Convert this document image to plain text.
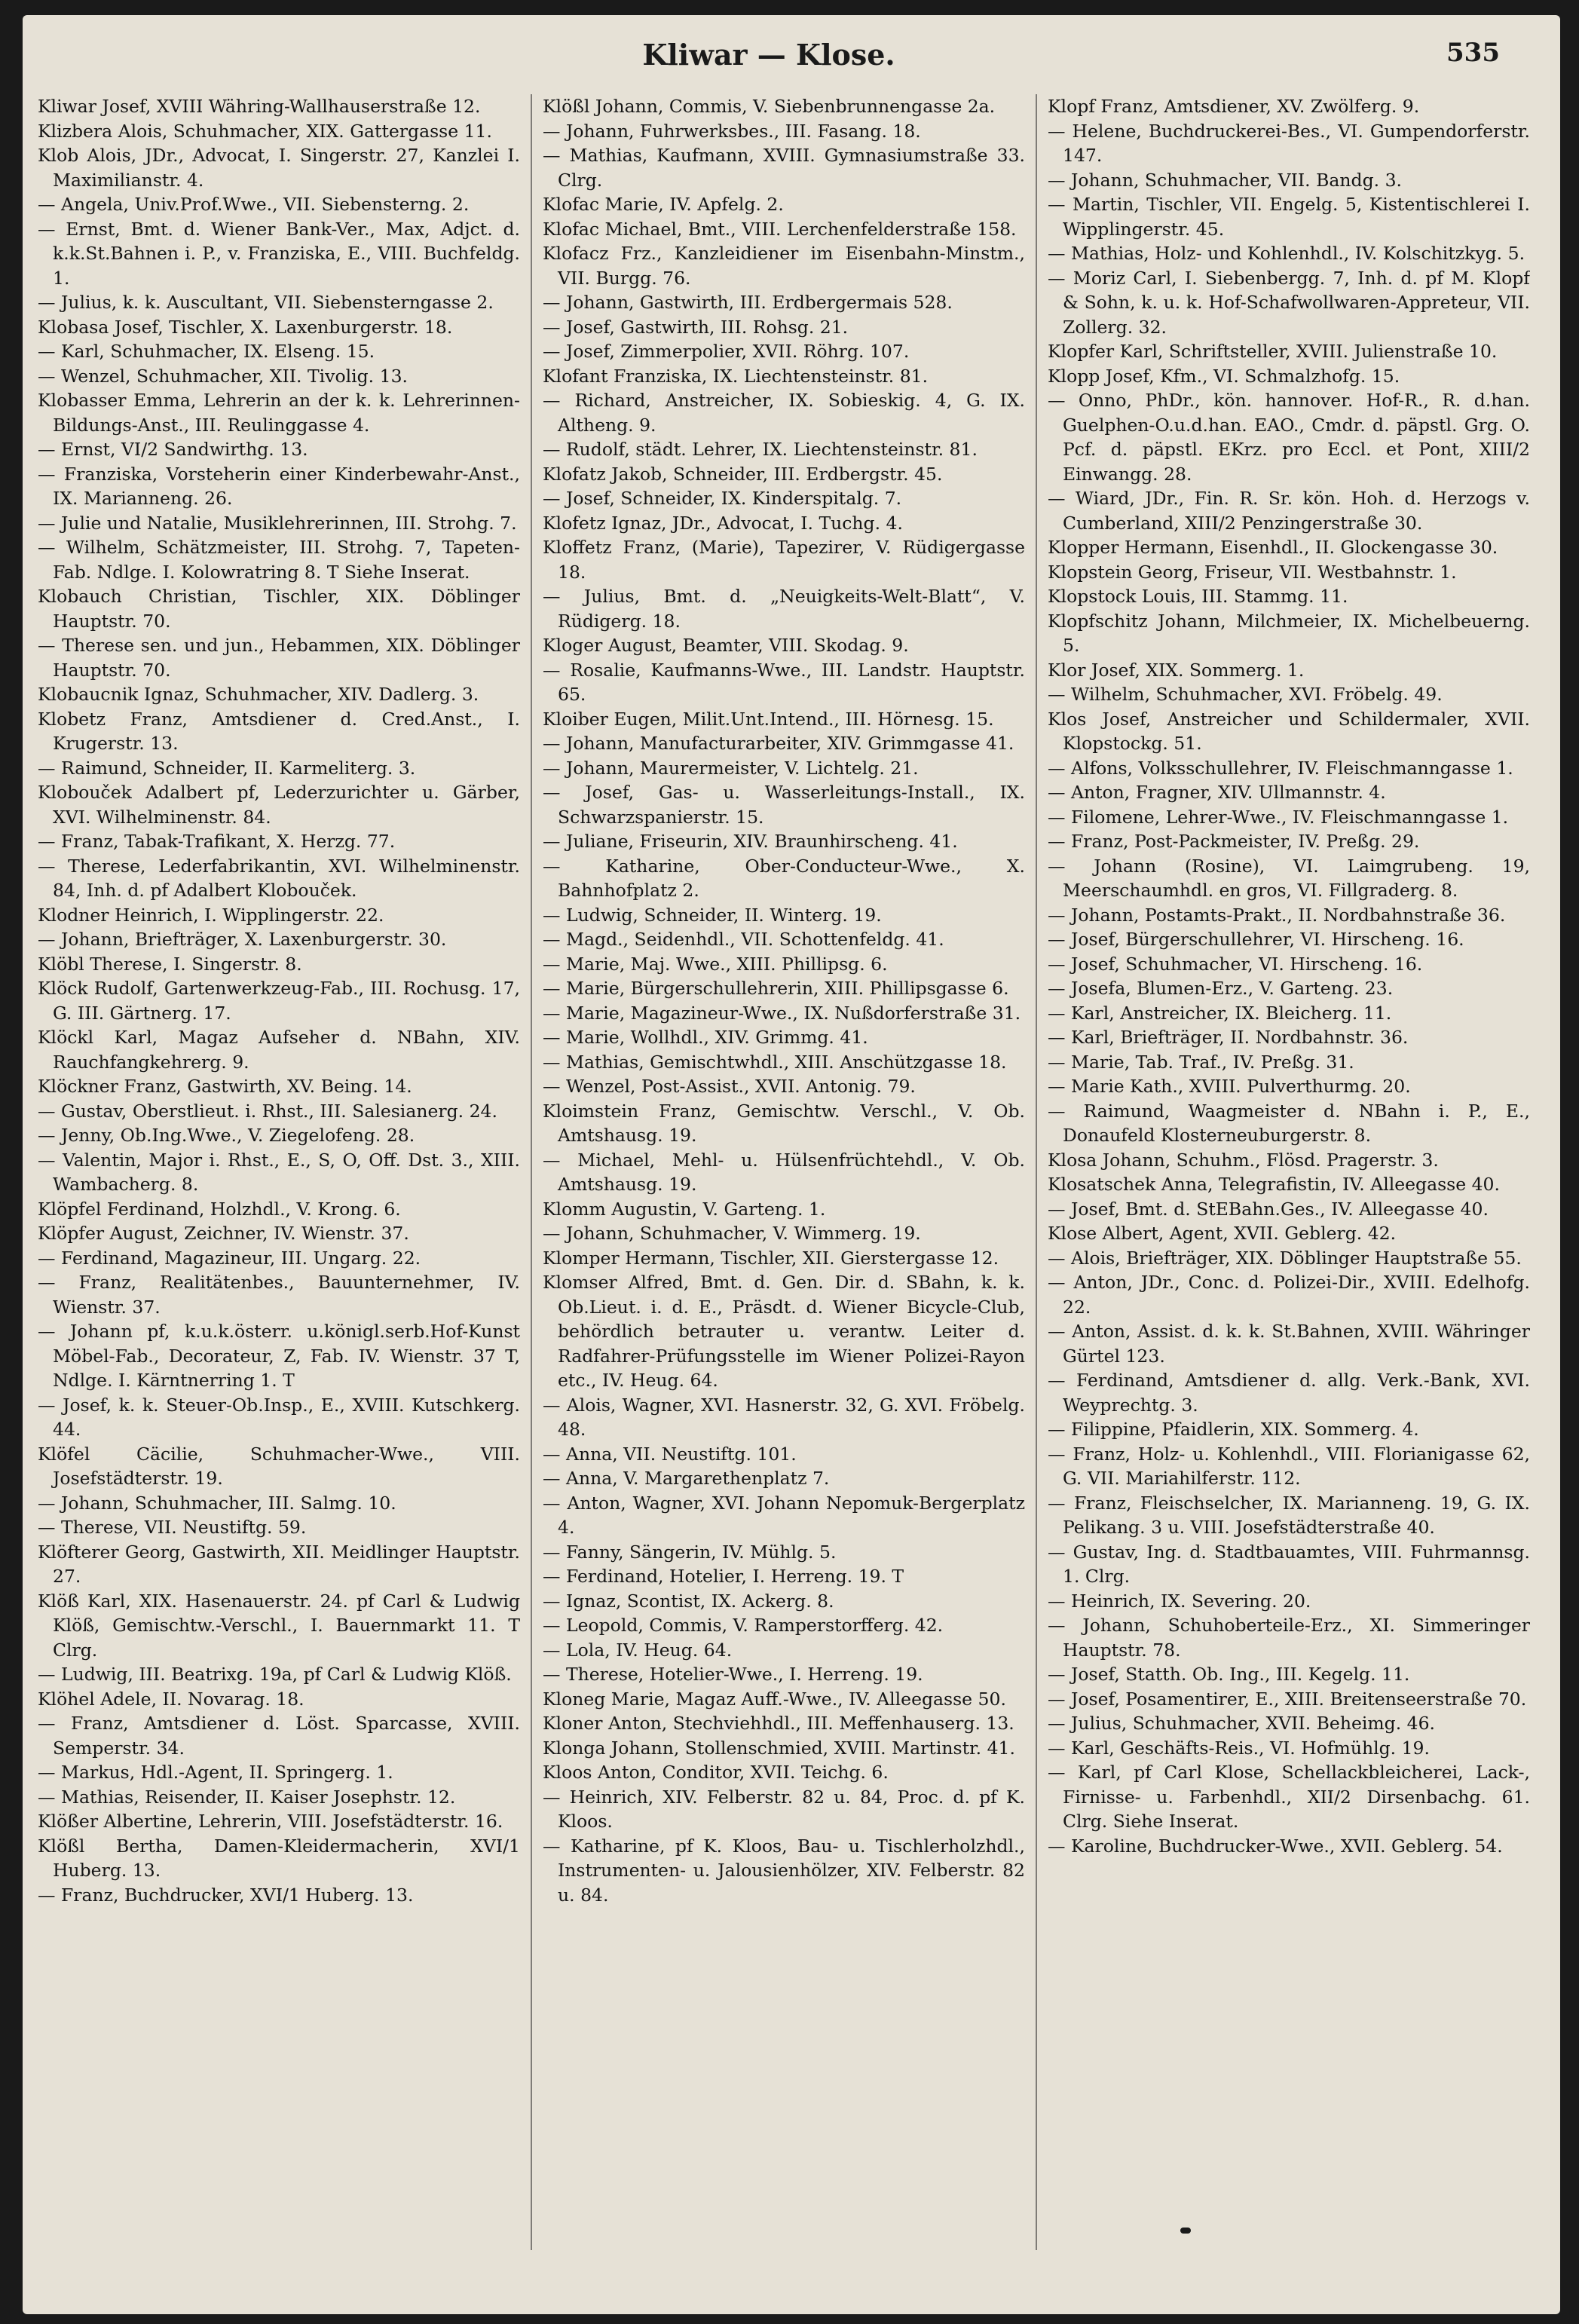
Kliwar — Klose.	535

Kliwar Josef, XVIII Währing-Wallhauserstraße 12.

Klizbera Alois, Schuhmacher, XIX. Gattergasse 11.

Klob Alois, JDr., Advocat, I. Singerstr. 27, Kanzlei I. Maximilianstr. 4.

— Angela, Univ.Prof.Wwe., VII. Siebensterng. 2.

— Ernst, Bmt. d. Wiener Bank-Ver., Max, Adjct. d. k.k.St.Bahnen i. P., v. Franziska, E., VIII. Buchfeldg. 1.

— Julius, k. k. Auscultant, VII. Siebensterngasse 2.

Klobasa Josef, Tischler, X. Laxenburgerstr. 18.

— Karl, Schuhmacher, IX. Elseng. 15.

— Wenzel, Schuhmacher, XII. Tivolig. 13.

Klobasser Emma, Lehrerin an der k. k. Lehrerinnen-Bildungs-Anst., III. Reulinggasse 4.

— Ernst, VI/2 Sandwirthg. 13.

— Franziska, Vorsteherin einer Kinderbewahr-Anst., IX. Marianneng. 26.

— Julie und Natalie, Musiklehrerinnen, III. Strohg. 7.

— Wilhelm, Schätzmeister, III. Strohg. 7, Tapeten-Fab. Ndlge. I. Kolowratring 8. T Siehe Inserat.

Klobauch Christian, Tischler, XIX. Döblinger Hauptstr. 70.

— Therese sen. und jun., Hebammen, XIX. Döblinger Hauptstr. 70.

Klobaucnik Ignaz, Schuhmacher, XIV. Dadlerg. 3.

Klobetz Franz, Amtsdiener d. Cred.Anst., I. Krugerstr. 13.

— Raimund, Schneider, II. Karmeliterg. 3.

Klobouček Adalbert pf, Lederzurichter u. Gärber, XVI. Wilhelminenstr. 84.

— Franz, Tabak-Trafikant, X. Herzg. 77.

— Therese, Lederfabrikantin, XVI. Wilhelminenstr. 84, Inh. d. pf Adalbert Klobouček.

Klodner Heinrich, I. Wipplingerstr. 22.

— Johann, Briefträger, X. Laxenburgerstr. 30.

Klöbl Therese, I. Singerstr. 8.

Klöck Rudolf, Gartenwerkzeug-Fab., III. Rochusg. 17, G. III. Gärtnerg. 17.

Klöckl Karl, Magaz Aufseher d. NBahn, XIV. Rauchfangkehrerg. 9.

Klöckner Franz, Gastwirth, XV. Being. 14.

— Gustav, Oberstlieut. i. Rhst., III. Salesianerg. 24.

— Jenny, Ob.Ing.Wwe., V. Ziegelofeng. 28.

— Valentin, Major i. Rhst., E., S, O, Off. Dst. 3., XIII. Wambacherg. 8.

Klöpfel Ferdinand, Holzhdl., V. Krong. 6.

Klöpfer August, Zeichner, IV. Wienstr. 37.

— Ferdinand, Magazineur, III. Ungarg. 22.

— Franz, Realitätenbes., Bauunternehmer, IV. Wienstr. 37.

— Johann pf, k.u.k.österr. u.königl.serb.Hof-Kunst Möbel-Fab., Decorateur, Z, Fab. IV. Wienstr. 37 T, Ndlge. I. Kärntnerring 1. T

— Josef, k. k. Steuer-Ob.Insp., E., XVIII. Kutschkerg. 44.

Klöfel Cäcilie, Schuhmacher-Wwe., VIII. Josefstädterstr. 19.

— Johann, Schuhmacher, III. Salmg. 10.

— Therese, VII. Neustiftg. 59.

Klöfterer Georg, Gastwirth, XII. Meidlinger Hauptstr. 27.

Klöß Karl, XIX. Hasenauerstr. 24. pf Carl & Ludwig Klöß, Gemischtw.-Verschl., I. Bauernmarkt 11. T Clrg.

— Ludwig, III. Beatrixg. 19a, pf Carl & Ludwig Klöß.

Klöhel Adele, II. Novarag. 18.

— Franz, Amtsdiener d. Löst. Sparcasse, XVIII. Semperstr. 34.

— Markus, Hdl.-Agent, II. Springerg. 1.

— Mathias, Reisender, II. Kaiser Josephstr. 12.

Klößer Albertine, Lehrerin, VIII. Josefstädterstr. 16.

Klößl Bertha, Damen-Kleidermacherin, XVI/1 Huberg. 13.

— Franz, Buchdrucker, XVI/1 Huberg. 13.

Klößl Johann, Commis, V. Siebenbrunnengasse 2a.

— Johann, Fuhrwerksbes., III. Fasang. 18.

— Mathias, Kaufmann, XVIII. Gymnasiumstraße 33. Clrg.

Klofac Marie, IV. Apfelg. 2.

Klofac Michael, Bmt., VIII. Lerchenfelderstraße 158.

Klofacz Frz., Kanzleidiener im Eisenbahn-Minstm., VII. Burgg. 76.

— Johann, Gastwirth, III. Erdbergermais 528.

— Josef, Gastwirth, III. Rohsg. 21.

— Josef, Zimmerpolier, XVII. Röhrg. 107.

Klofant Franziska, IX. Liechtensteinstr. 81.

— Richard, Anstreicher, IX. Sobieskig. 4, G. IX. Altheng. 9.

— Rudolf, städt. Lehrer, IX. Liechtensteinstr. 81.

Klofatz Jakob, Schneider, III. Erdbergstr. 45.

— Josef, Schneider, IX. Kinderspitalg. 7.

Klofetz Ignaz, JDr., Advocat, I. Tuchg. 4.

Kloffetz Franz, (Marie), Tapezirer, V. Rüdigergasse 18.

— Julius, Bmt. d. „Neuigkeits-Welt-Blatt“, V. Rüdigerg. 18.

Kloger August, Beamter, VIII. Skodag. 9.

— Rosalie, Kaufmanns-Wwe., III. Landstr. Hauptstr. 65.

Kloiber Eugen, Milit.Unt.Intend., III. Hörnesg. 15.

— Johann, Manufacturarbeiter, XIV. Grimmgasse 41.

— Johann, Maurermeister, V. Lichtelg. 21.

— Josef, Gas- u. Wasserleitungs-Install., IX. Schwarzspanierstr. 15.

— Juliane, Friseurin, XIV. Braunhirscheng. 41.

— Katharine, Ober-Conducteur-Wwe., X. Bahnhofplatz 2.

— Ludwig, Schneider, II. Winterg. 19.

— Magd., Seidenhdl., VII. Schottenfeldg. 41.

— Marie, Maj. Wwe., XIII. Phillipsg. 6.

— Marie, Bürgerschullehrerin, XIII. Phillipsgasse 6.

— Marie, Magazineur-Wwe., IX. Nußdorferstraße 31.

— Marie, Wollhdl., XIV. Grimmg. 41.

— Mathias, Gemischtwhdl., XIII. Anschützgasse 18.

— Wenzel, Post-Assist., XVII. Antonig. 79.

Kloimstein Franz, Gemischtw. Verschl., V. Ob. Amtshausg. 19.

— Michael, Mehl- u. Hülsenfrüchtehdl., V. Ob. Amtshausg. 19.

Klomm Augustin, V. Garteng. 1.

— Johann, Schuhmacher, V. Wimmerg. 19.

Klomper Hermann, Tischler, XII. Gierstergasse 12.

Klomser Alfred, Bmt. d. Gen. Dir. d. SBahn, k. k. Ob.Lieut. i. d. E., Präsdt. d. Wiener Bicycle-Club, behördlich betrauter u. verantw. Leiter d. Radfahrer-Prüfungsstelle im Wiener Polizei-Rayon etc., IV. Heug. 64.

— Alois, Wagner, XVI. Hasnerstr. 32, G. XVI. Fröbelg. 48.

— Anna, VII. Neustiftg. 101.

— Anna, V. Margarethenplatz 7.

— Anton, Wagner, XVI. Johann Nepomuk-Bergerplatz 4.

— Fanny, Sängerin, IV. Mühlg. 5.

— Ferdinand, Hotelier, I. Herreng. 19. T

— Ignaz, Scontist, IX. Ackerg. 8.

— Leopold, Commis, V. Ramperstorfferg. 42.

— Lola, IV. Heug. 64.

— Therese, Hotelier-Wwe., I. Herreng. 19.

Kloneg Marie, Magaz Auff.-Wwe., IV. Alleegasse 50.

Kloner Anton, Stechviehhdl., III. Meffenhauserg. 13.

Klonga Johann, Stollenschmied, XVIII. Martinstr. 41.

Kloos Anton, Conditor, XVII. Teichg. 6.

— Heinrich, XIV. Felberstr. 82 u. 84, Proc. d. pf K. Kloos.

— Katharine, pf K. Kloos, Bau- u. Tischlerholzhdl., Instrumenten- u. Jalousienhölzer, XIV. Felberstr. 82 u. 84.

Klopf Franz, Amtsdiener, XV. Zwölferg. 9.

— Helene, Buchdruckerei-Bes., VI. Gumpendorferstr. 147.

— Johann, Schuhmacher, VII. Bandg. 3.

— Martin, Tischler, VII. Engelg. 5, Kistentischlerei I. Wipplingerstr. 45.

— Mathias, Holz- und Kohlenhdl., IV. Kolschitzkyg. 5.

— Moriz Carl, I. Siebenbergg. 7, Inh. d. pf M. Klopf & Sohn, k. u. k. Hof-Schafwollwaren-Appreteur, VII. Zollerg. 32.

Klopfer Karl, Schriftsteller, XVIII. Julienstraße 10.

Klopp Josef, Kfm., VI. Schmalzhofg. 15.

— Onno, PhDr., kön. hannover. Hof-R., R. d.han. Guelphen-O.u.d.han. EAO., Cmdr. d. päpstl. Grg. O. Pcf. d. päpstl. EKrz. pro Eccl. et Pont, XIII/2 Einwangg. 28.

— Wiard, JDr., Fin. R. Sr. kön. Hoh. d. Herzogs v. Cumberland, XIII/2 Penzingerstraße 30.

Klopper Hermann, Eisenhdl., II. Glockengasse 30.

Klopstein Georg, Friseur, VII. Westbahnstr. 1.

Klopstock Louis, III. Stammg. 11.

Klopfschitz Johann, Milchmeier, IX. Michelbeuerng. 5.

Klor Josef, XIX. Sommerg. 1.

— Wilhelm, Schuhmacher, XVI. Fröbelg. 49.

Klos Josef, Anstreicher und Schildermaler, XVII. Klopstockg. 51.

— Alfons, Volksschullehrer, IV. Fleischmanngasse 1.

— Anton, Fragner, XIV. Ullmannstr. 4.

— Filomene, Lehrer-Wwe., IV. Fleischmanngasse 1.

— Franz, Post-Packmeister, IV. Preßg. 29.

— Johann (Rosine), VI. Laimgrubeng. 19, Meerschaumhdl. en gros, VI. Fillgraderg. 8.

— Johann, Postamts-Prakt., II. Nordbahnstraße 36.

— Josef, Bürgerschullehrer, VI. Hirscheng. 16.

— Josef, Schuhmacher, VI. Hirscheng. 16.

— Josefa, Blumen-Erz., V. Garteng. 23.

— Karl, Anstreicher, IX. Bleicherg. 11.

— Karl, Briefträger, II. Nordbahnstr. 36.

— Marie, Tab. Traf., IV. Preßg. 31.

— Marie Kath., XVIII. Pulverthurmg. 20.

— Raimund, Waagmeister d. NBahn i. P., E., Donaufeld Klosterneuburgerstr. 8.

Klosa Johann, Schuhm., Flösd. Pragerstr. 3.

Klosatschek Anna, Telegrafistin, IV. Alleegasse 40.

— Josef, Bmt. d. StEBahn.Ges., IV. Alleegasse 40.

Klose Albert, Agent, XVII. Geblerg. 42.

— Alois, Briefträger, XIX. Döblinger Hauptstraße 55.

— Anton, JDr., Conc. d. Polizei-Dir., XVIII. Edelhofg. 22.

— Anton, Assist. d. k. k. St.Bahnen, XVIII. Währinger Gürtel 123.

— Ferdinand, Amtsdiener d. allg. Verk.-Bank, XVI. Weyprechtg. 3.

— Filippine, Pfaidlerin, XIX. Sommerg. 4.

— Franz, Holz- u. Kohlenhdl., VIII. Florianigasse 62, G. VII. Mariahilferstr. 112.

— Franz, Fleischselcher, IX. Marianneng. 19, G. IX. Pelikang. 3 u. VIII. Josefstädterstraße 40.

— Gustav, Ing. d. Stadtbauamtes, VIII. Fuhrmannsg. 1. Clrg.

— Heinrich, IX. Severing. 20.

— Johann, Schuhoberteile-Erz., XI. Simmeringer Hauptstr. 78.

— Josef, Statth. Ob. Ing., III. Kegelg. 11.

— Josef, Posamentirer, E., XIII. Breitenseerstraße 70.

— Julius, Schuhmacher, XVII. Beheimg. 46.

— Karl, Geschäfts-Reis., VI. Hofmühlg. 19.

— Karl, pf Carl Klose, Schellackbleicherei, Lack-, Firnisse- u. Farbenhdl., XII/2 Dirsenbachg. 61. Clrg. Siehe Inserat.

— Karoline, Buchdrucker-Wwe., XVII. Geblerg. 54.
